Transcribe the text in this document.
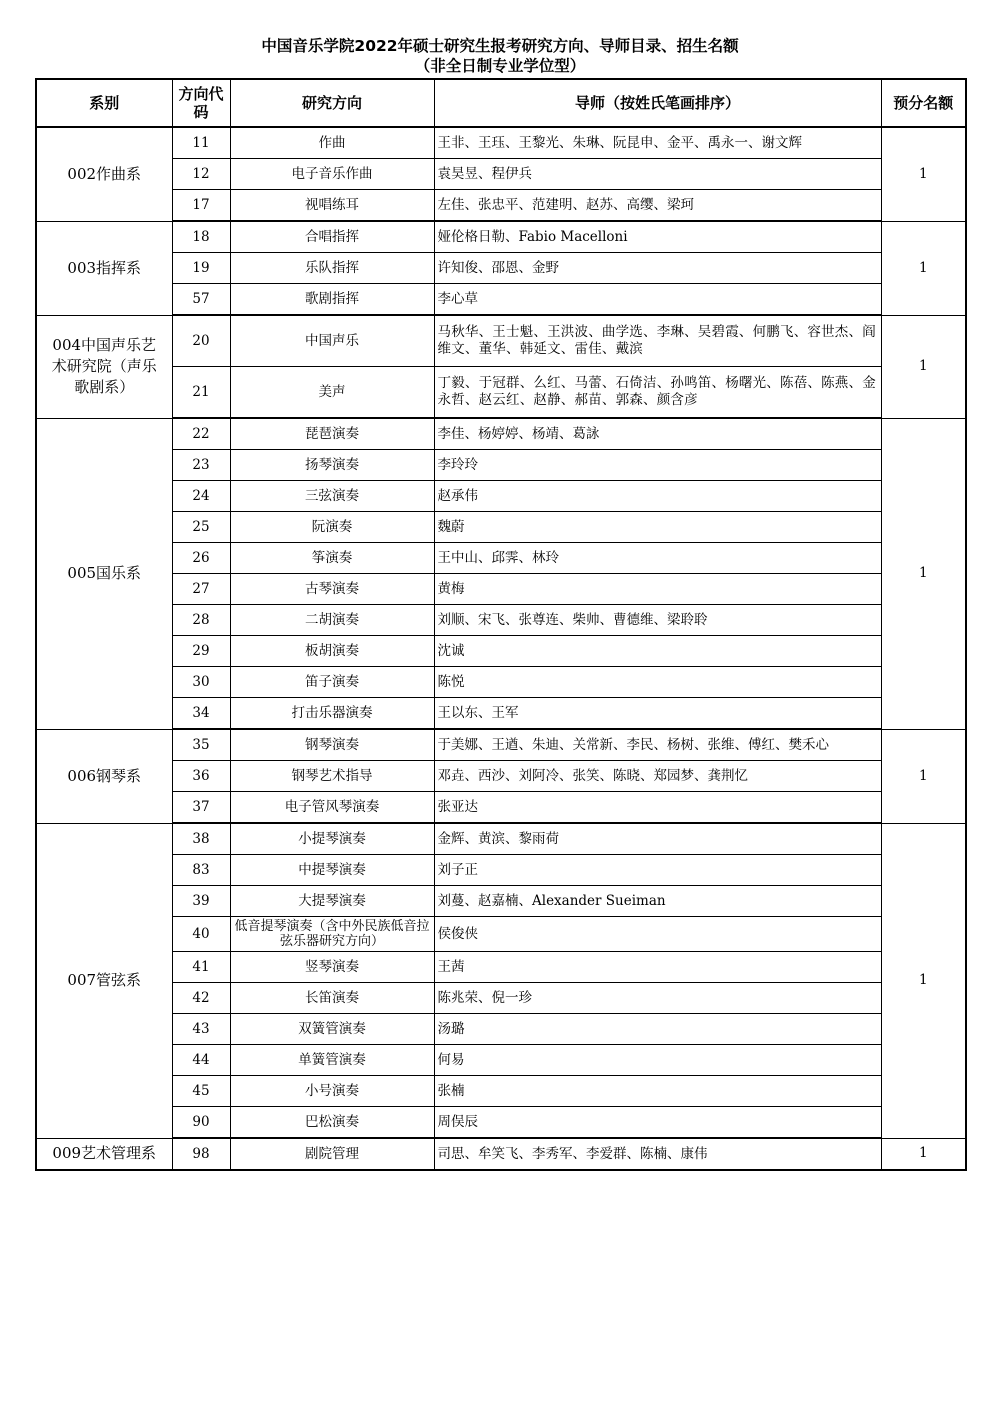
中国音乐学院2022年硕士研究生报考研究方向、导师目录、招生名额
（非全日制专业学位型）
系别	方向代码	研究方向	导师（按姓氏笔画排序）	预分名额
002作曲系	11	作曲	王非、王珏、王黎光、朱琳、阮昆申、金平、禹永一、谢文辉	1
	12	电子音乐作曲	袁昊昱、程伊兵	
	17	视唱练耳	左佳、张忠平、范建明、赵苏、高缨、梁珂	
003指挥系	18	合唱指挥	娅伦格日勒、Fabio Macelloni	1
	19	乐队指挥	许知俊、邵恩、金野	
	57	歌剧指挥	李心草	
004中国声乐艺术研究院（声乐歌剧系）	20	中国声乐	马秋华、王士魁、王洪波、曲学选、李琳、吴碧霞、何鹏飞、容世杰、阎维文、董华、韩延文、雷佳、戴滨	1
	21	美声	丁毅、于冠群、么红、马蕾、石倚洁、孙鸣笛、杨曙光、陈蓓、陈燕、金永哲、赵云红、赵静、郝苗、郭森、颜含彦	
005国乐系	22	琵琶演奏	李佳、杨婷婷、杨靖、葛詠	1
	23	扬琴演奏	李玲玲	
	24	三弦演奏	赵承伟	
	25	阮演奏	魏蔚	
	26	筝演奏	王中山、邱霁、林玲	
	27	古琴演奏	黄梅	
	28	二胡演奏	刘顺、宋飞、张尊连、柴帅、曹德维、梁聆聆	
	29	板胡演奏	沈诚	
	30	笛子演奏	陈悦	
	34	打击乐器演奏	王以东、王军	
006钢琴系	35	钢琴演奏	于美娜、王遒、朱迪、关常新、李民、杨树、张维、傅红、樊禾心	1
	36	钢琴艺术指导	邓垚、西沙、刘阿冷、张笑、陈晓、郑园梦、龚荆忆	
	37	电子管风琴演奏	张亚达	
007管弦系	38	小提琴演奏	金辉、黄滨、黎雨荷	1
	83	中提琴演奏	刘子正	
	39	大提琴演奏	刘蔓、赵嘉楠、Alexander Sueiman	
	40	低音提琴演奏（含中外民族低音拉弦乐器研究方向）	侯俊侠	
	41	竖琴演奏	王茜	
	42	长笛演奏	陈兆荣、倪一珍	
	43	双簧管演奏	汤璐	
	44	单簧管演奏	何易	
	45	小号演奏	张楠	
	90	巴松演奏	周俣辰	
009艺术管理系	98	剧院管理	司思、牟笑飞、李秀军、李爱群、陈楠、康伟	1
